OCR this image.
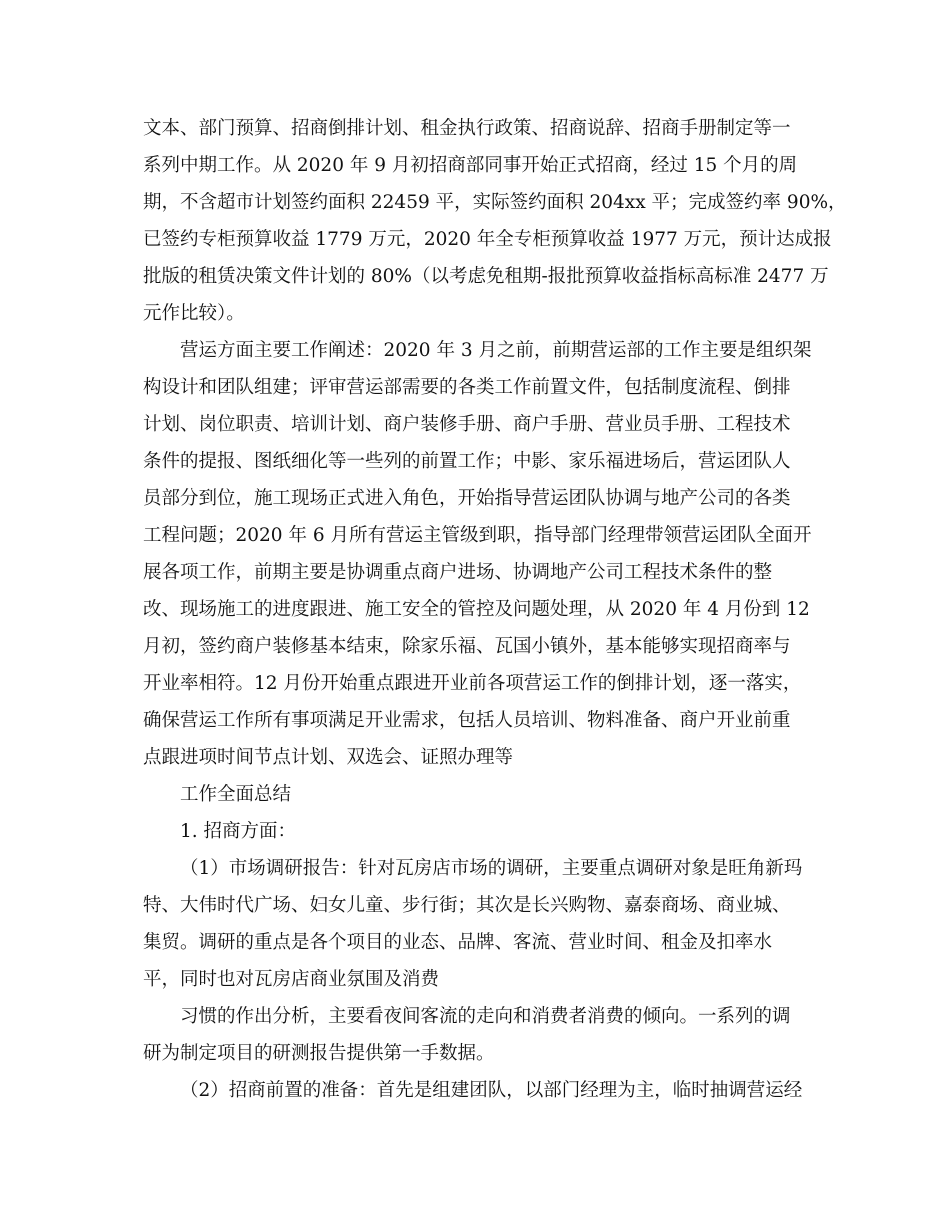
文本、部门预算、招商倒排计划、租金执行政策、招商说辞、招商手册制定等一
系列中期工作。从 2020 年 9 月初招商部同事开始正式招商，经过 15 个月的周
期，不含超市计划签约面积 22459 平，实际签约面积 204xx 平；完成签约率 90%，
已签约专柜预算收益 1779 万元，2020 年全专柜预算收益 1977 万元，预计达成报
批版的租赁决策文件计划的 80%（以考虑免租期-报批预算收益指标高标准 2477 万
元作比较）。
营运方面主要工作阐述：2020 年 3 月之前，前期营运部的工作主要是组织架
构设计和团队组建；评审营运部需要的各类工作前置文件，包括制度流程、倒排
计划、岗位职责、培训计划、商户装修手册、商户手册、营业员手册、工程技术
条件的提报、图纸细化等一些列的前置工作；中影、家乐福进场后，营运团队人
员部分到位，施工现场正式进入角色，开始指导营运团队协调与地产公司的各类
工程问题；2020 年 6 月所有营运主管级到职，指导部门经理带领营运团队全面开
展各项工作，前期主要是协调重点商户进场、协调地产公司工程技术条件的整
改、现场施工的进度跟进、施工安全的管控及问题处理，从 2020 年 4 月份到 12
月初，签约商户装修基本结束，除家乐福、瓦国小镇外，基本能够实现招商率与
开业率相符。12 月份开始重点跟进开业前各项营运工作的倒排计划，逐一落实，
确保营运工作所有事项满足开业需求，包括人员培训、物料准备、商户开业前重
点跟进项时间节点计划、双选会、证照办理等
工作全面总结
1. 招商方面：
（1）市场调研报告：针对瓦房店市场的调研，主要重点调研对象是旺角新玛
特、大伟时代广场、妇女儿童、步行街；其次是长兴购物、嘉泰商场、商业城、
集贸。调研的重点是各个项目的业态、品牌、客流、营业时间、租金及扣率水
平，同时也对瓦房店商业氛围及消费
习惯的作出分析，主要看夜间客流的走向和消费者消费的倾向。一系列的调
研为制定项目的研测报告提供第一手数据。
（2）招商前置的准备：首先是组建团队，以部门经理为主，临时抽调营运经
